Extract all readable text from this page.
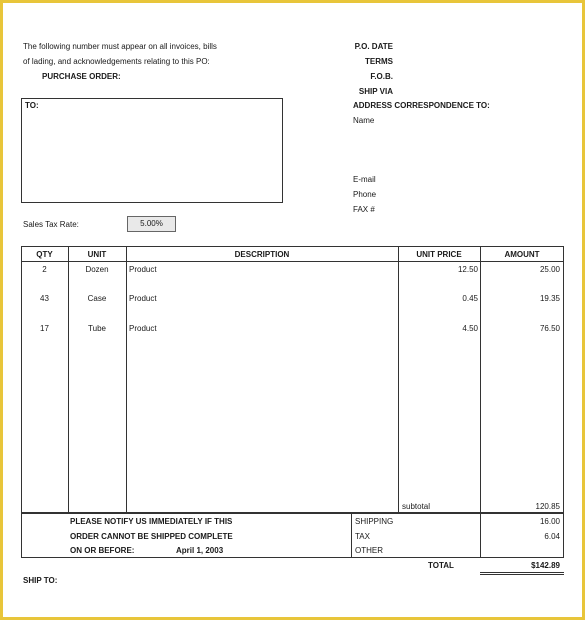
The following number must appear on all invoices, bills
of lading, and acknowledgements relating to this PO:
PURCHASE ORDER:
P.O. DATE
TERMS
F.O.B.
SHIP VIA
TO:	ADDRESS CORRESPONDENCE TO:
Name
E-mail
Phone
FAX #
Sales Tax Rate:	5.00%
QTY	UNIT	DESCRIPTION	UNIT PRICE	AMOUNT
2	Dozen	Product	12.50	25.00
43	Case	Product	0.45	19.35
17	Tube	Product	4.50	76.50
subtotal	120.85
PLEASE NOTIFY US IMMEDIATELY IF THIS
ORDER CANNOT BE SHIPPED COMPLETE
ON OR BEFORE:	April 1, 2003
SHIPPING	16.00
TAX	6.04
OTHER
TOTAL	$142.89
SHIP TO:
